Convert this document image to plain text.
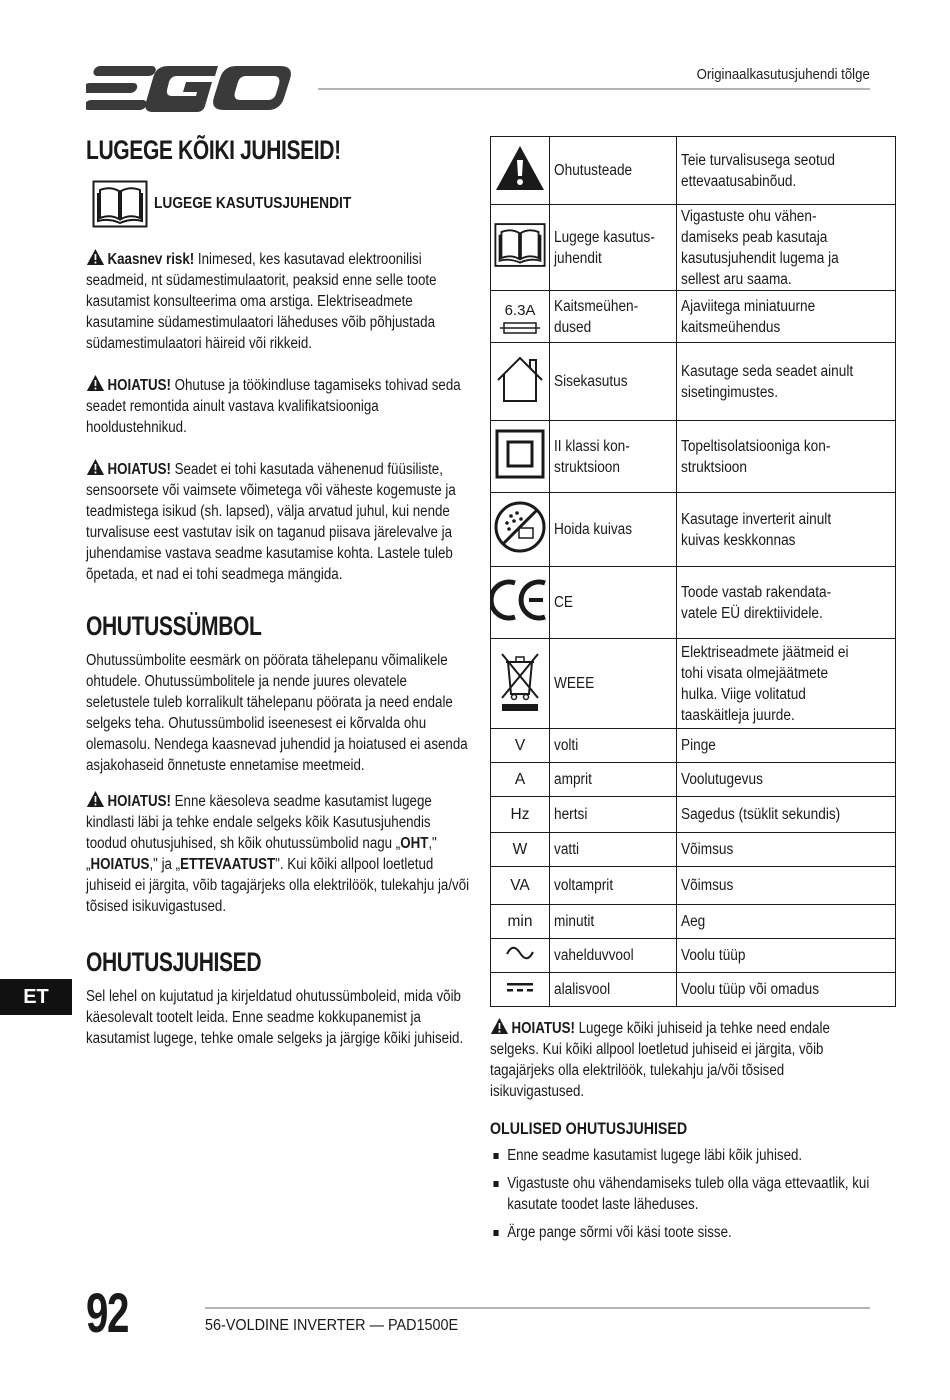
Originaalkasutusjuhendi tõlge
LUGEGE KÕIKI JUHISEID!
LUGEGE KASUTUSJUHENDIT

Kaasnev risk! Inimesed, kes kasutavad elektroonilisi seadmeid, nt südamestimulaatorit, peaksid enne selle toote kasutamist konsulteerima oma arstiga. Elektriseadmete kasutamine südamestimulaatori läheduses võib põhjustada südamestimulaatori häireid või rikkeid.

HOIATUS! Ohutuse ja töökindluse tagamiseks tohivad seda seadet remontida ainult vastava kvalifikatsiooniga hooldustehnikud.

HOIATUS! Seadet ei tohi kasutada vähenenud füüsiliste, sensoorsete või vaimsete võimetega või väheste kogemuste ja teadmistega isikud (sh. lapsed), välja arvatud juhul, kui nende turvalisuse eest vastutav isik on taganud piisava järelevalve ja juhendamise vastava seadme kasutamise kohta. Lastele tuleb õpetada, et nad ei tohi seadmega mängida.

OHUTUSSÜMBOL

Ohutussümbolite eesmärk on pöörata tähelepanu võimalikele ohtudele. Ohutussümbolitele ja nende juures olevatele seletustele tuleb korralikult tähelepanu pöörata ja need endale selgeks teha. Ohutussümbolid iseenesest ei kõrvalda ohu olemasolu. Nendega kaasnevad juhendid ja hoiatused ei asenda asjakohaseid õnnetuste ennetamise meetmeid.

HOIATUS! Enne käesoleva seadme kasutamist lugege kindlasti läbi ja tehke endale selgeks kõik Kasutusjuhendis toodud ohutusjuhised, sh kõik ohutussümbolid nagu „OHT," „HOIATUS," ja „ETTEVAATUST". Kui kõiki allpool loetletud juhiseid ei järgita, võib tagajärjeks olla elektrilöök, tulekahju ja/või tõsised isikuvigastused.

OHUTUSJUHISED

Sel lehel on kujutatud ja kirjeldatud ohutussümboleid, mida võib käesolevalt tootelt leida. Enne seadme kokkupanemist ja kasutamist lugege, tehke omale selgeks ja järgige kõiki juhiseid.

	Ohutusteade	Teie turvalisusega seotud ettevaatusabinõud.
	Lugege kasutus-juhendit	Vigastuste ohu vähen-damiseks peab kasutaja kasutusjuhendit lugema ja sellest aru saama.

6.3A	Kaitsmeühen-dused	Ajaviitega miniatuurne kaitsmeühendus
	Sisekasutus	Kasutage seda seadet ainult sisetingimustes.
	II klassi kon-struktsioon	Topeltisolatsiooniga kon-struktsioon
	Hoida kuivas	Kasutage inverterit ainult kuivas keskkonnas
	CE	Toode vastab rakendata-vatele EÜ direktiividele.
	WEEE	Elektriseadmete jäätmeid ei tohi visata olmejäätmete hulka. Viige volitatud taaskäitleja juurde.
V	volti	Pinge
A	amprit	Voolutugevus
Hz	hertsi	Sagedus (tsüklit sekundis)
W	vatti	Võimsus
VA	voltamprit	Võimsus
min	minutit	Aeg
	vahelduvvool	Voolu tüüp
	alalisvool	Voolu tüüp või omadus

HOIATUS! Lugege kõiki juhiseid ja tehke need endale selgeks. Kui kõiki allpool loetletud juhiseid ei järgita, võib tagajärjeks olla elektrilöök, tulekahju ja/või tõsised isikuvigastused.

OLULISED OHUTUSJUHISED
Enne seadme kasutamist lugege läbi kõik juhised.
Vigastuste ohu vähendamiseks tuleb olla väga ettevaatlik, kui kasutate toodet laste läheduses.
Ärge pange sõrmi või käsi toote sisse.
ET
92	56-VOLDINE INVERTER — PAD1500E
